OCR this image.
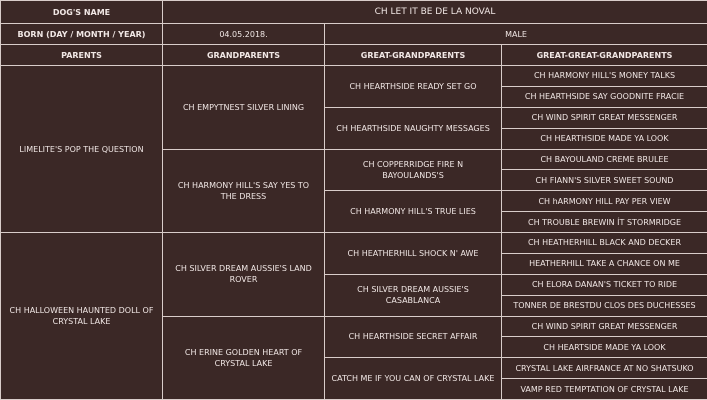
DOG'S NAME	CH LET IT BE DE LA NOVAL		
BORN (DAY / MONTH / YEAR)	04.05.2018.	MALE	
PARENTS	GRANDPARENTS	GREAT-GRANDPARENTS	GREAT-GREAT-GRANDPARENTS
LIMELITE'S POP THE QUESTION	CH EMPYTNEST SILVER LINING	CH HEARTHSIDE READY SET GO	CH HARMONY HILL'S MONEY TALKS
			CH HEARTHSIDE SAY GOODNITE FRACIE
		CH HEARTHSIDE NAUGHTY MESSAGES	CH WIND SPIRIT GREAT MESSENGER
			CH HEARTHSIDE MADE YA LOOK
	CH HARMONY HILL'S SAY YES TO THE DRESS	CH COPPERRIDGE FIRE N BAYOULANDS'S	CH BAYOULAND CREME BRULEE
			CH FIANN'S SILVER SWEET SOUND
		CH HARMONY HILL'S TRUE LIES	CH hARMONY HILL PAY PER VIEW
			CH TROUBLE BREWIN ÍT STORMRIDGE
CH HALLOWEEN HAUNTED DOLL OF CRYSTAL LAKE	CH SILVER DREAM AUSSIE'S LAND ROVER	CH HEATHERHILL SHOCK N' AWE	CH HEATHERHILL BLACK AND DECKER
			HEATHERHILL TAKE A CHANCE ON ME
		CH SILVER DREAM AUSSIE'S CASABLANCA	CH ELORA DANAN'S TICKET TO RIDE
			TONNER DE BRESTDU CLOS DES DUCHESSES
	CH ERINE GOLDEN HEART OF CRYSTAL LAKE	CH HEARTHSIDE SECRET AFFAIR	CH WIND SPIRIT GREAT MESSENGER
			CH HEARTSIDE MADE YA LOOK
		CATCH ME IF YOU CAN OF CRYSTAL LAKE	CRYSTAL LAKE AIRFRANCE AT NO SHATSUKO
			VAMP RED TEMPTATION OF CRYSTAL LAKE
